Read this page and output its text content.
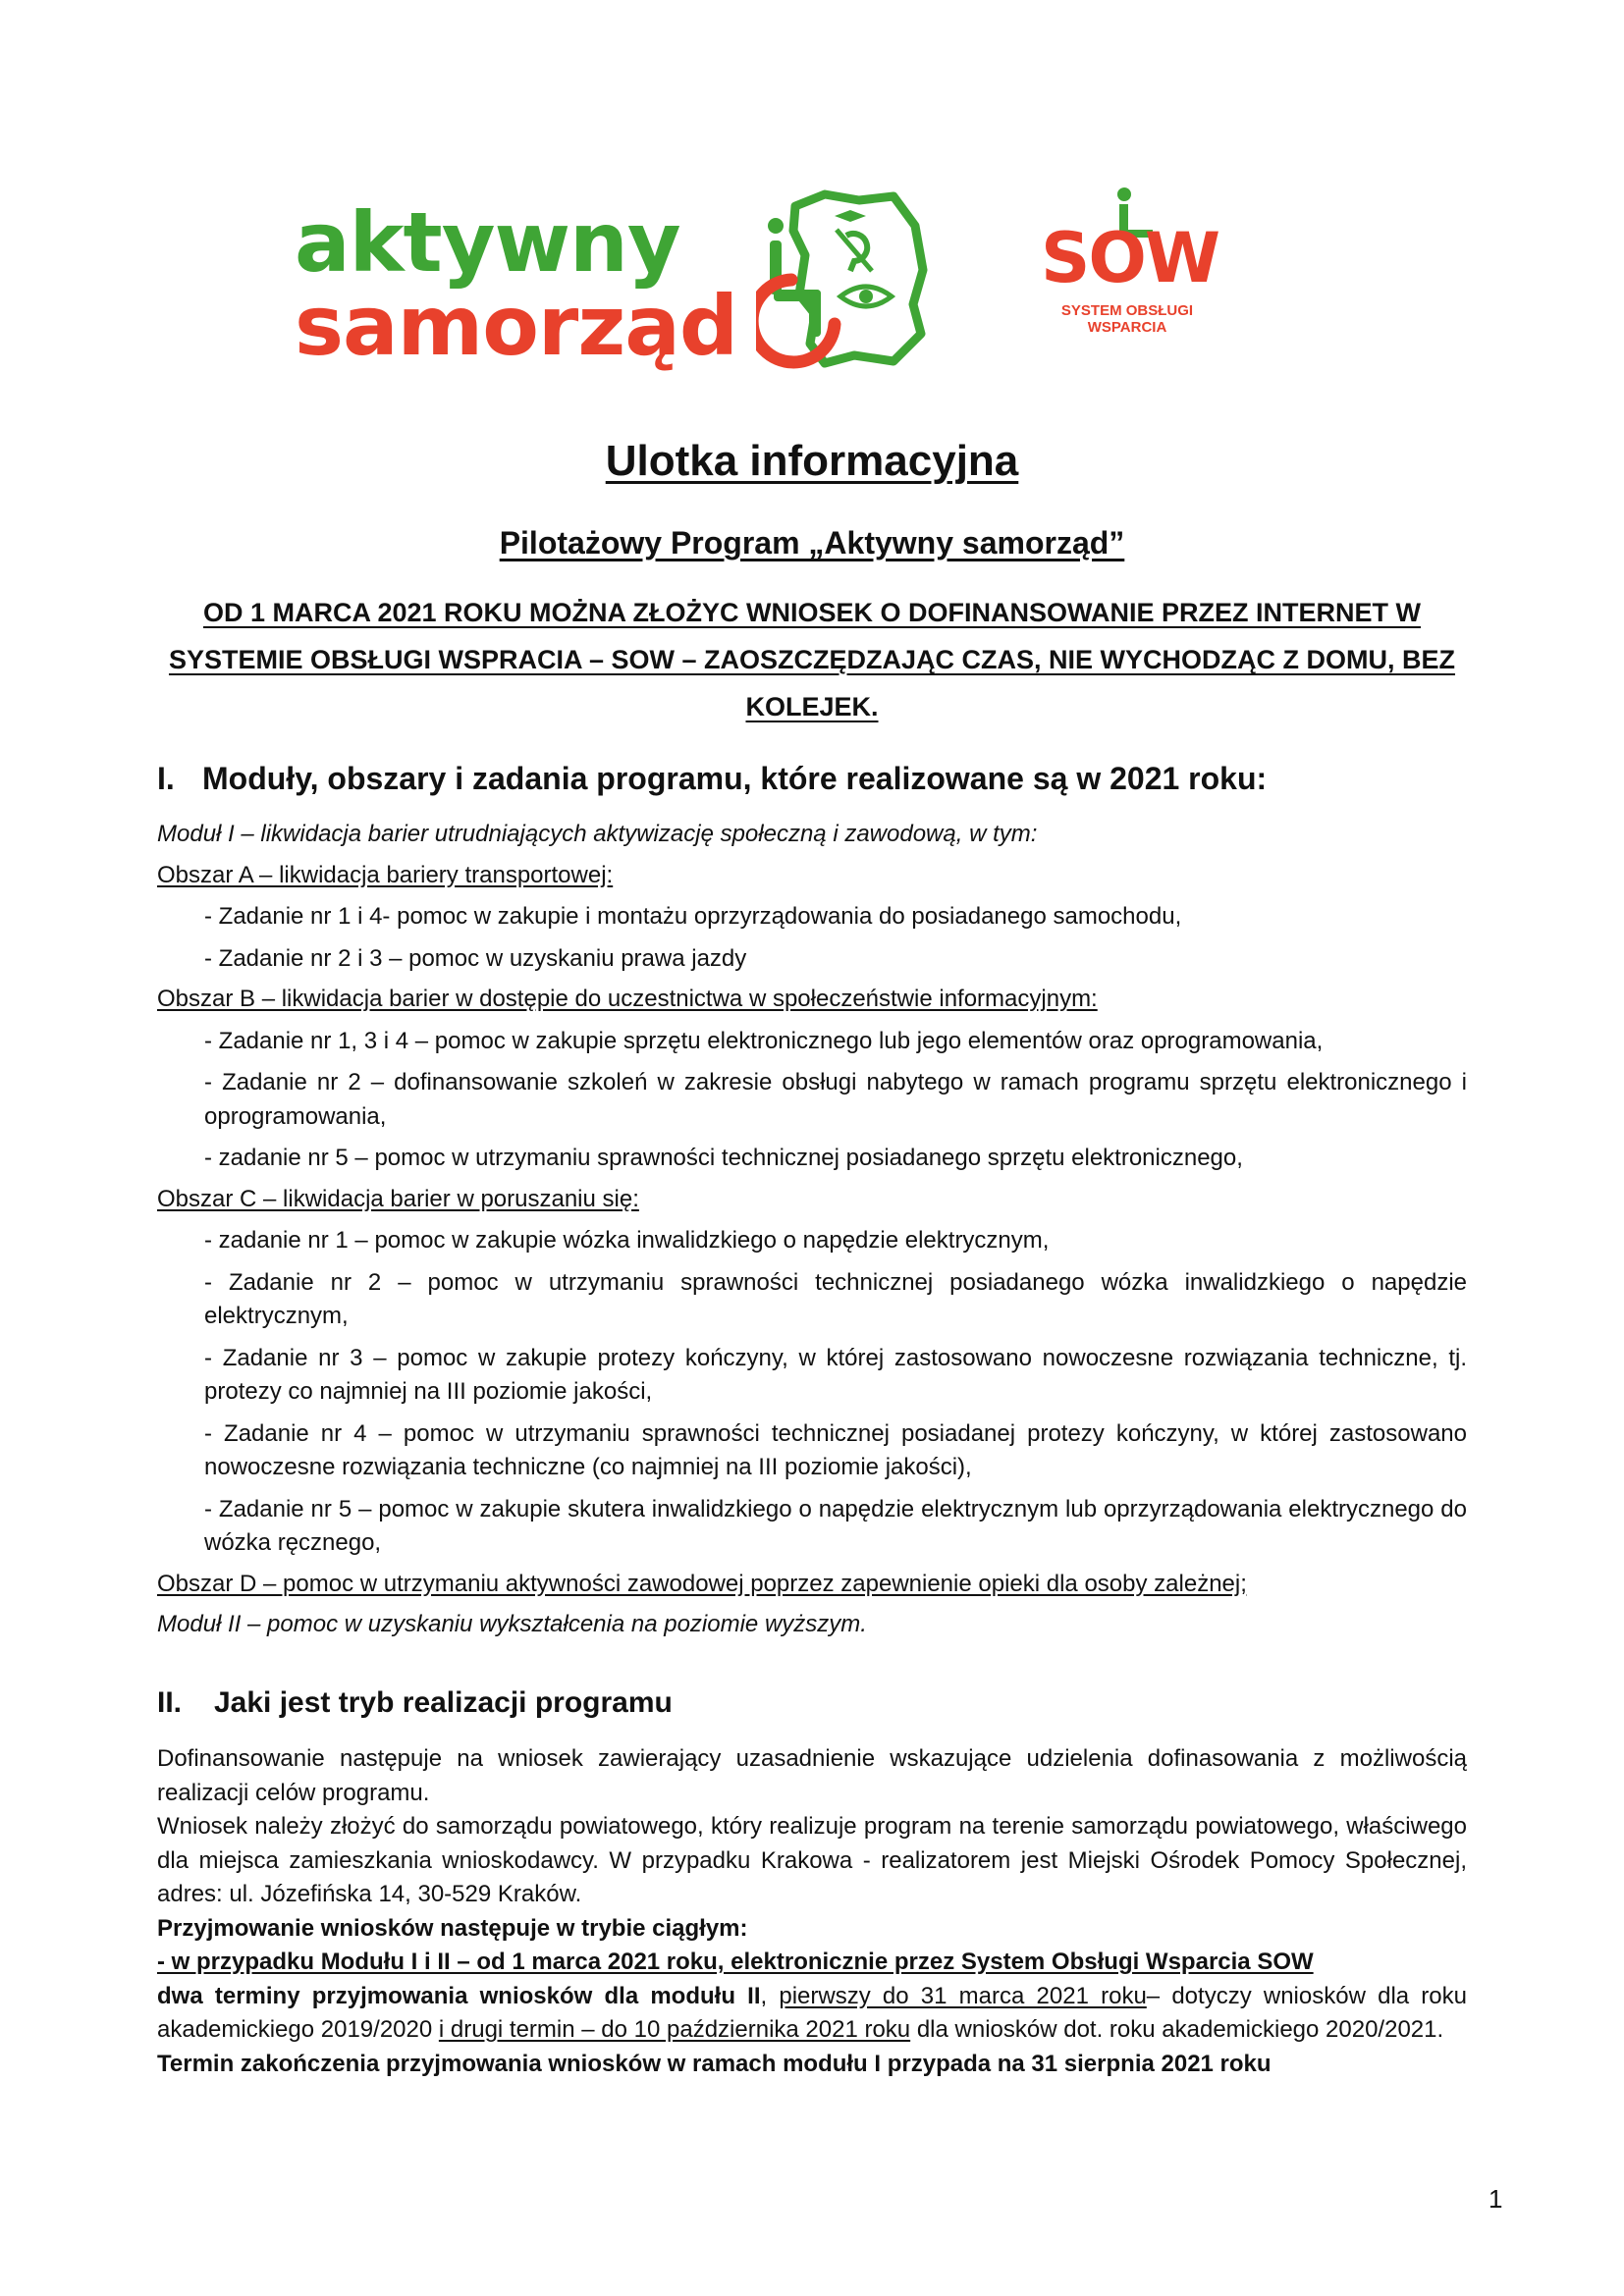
aktywny
samorząd
SOW
SYSTEM OBSŁUGI
WSPARCIA
Ulotka informacyjna
Pilotażowy Program „Aktywny samorząd”
OD 1 MARCA 2021 ROKU MOŻNA ZŁOŻYC WNIOSEK O DOFINANSOWANIE PRZEZ INTERNET W SYSTEMIE OBSŁUGI WSPRACIA – SOW – ZAOSZCZĘDZAJĄC CZAS, NIE WYCHODZĄC Z DOMU, BEZ KOLEJEK.
I. Moduły, obszary i zadania programu, które realizowane są w 2021 roku:

Moduł I – likwidacja barier utrudniających aktywizację społeczną i zawodową, w tym:

Obszar A – likwidacja bariery transportowej:

- Zadanie nr 1 i 4- pomoc w zakupie i montażu oprzyrządowania do posiadanego samochodu,

- Zadanie nr 2 i 3 – pomoc w uzyskaniu prawa jazdy

Obszar B – likwidacja barier w dostępie do uczestnictwa w społeczeństwie informacyjnym:

- Zadanie nr 1, 3 i 4 – pomoc w zakupie sprzętu elektronicznego lub jego elementów oraz oprogramowania,

- Zadanie nr 2 – dofinansowanie szkoleń w zakresie obsługi nabytego w ramach programu sprzętu elektronicznego i oprogramowania,

- zadanie nr 5 – pomoc w utrzymaniu sprawności technicznej posiadanego sprzętu elektronicznego,

Obszar C – likwidacja barier w poruszaniu się:

- zadanie nr 1 – pomoc w zakupie wózka inwalidzkiego o napędzie elektrycznym,

- Zadanie nr 2 – pomoc w utrzymaniu sprawności technicznej posiadanego wózka inwalidzkiego o napędzie elektrycznym,

- Zadanie nr 3 – pomoc w zakupie protezy kończyny, w której zastosowano nowoczesne rozwiązania techniczne, tj. protezy co najmniej na III poziomie jakości,

- Zadanie nr 4 – pomoc w utrzymaniu sprawności technicznej posiadanej protezy kończyny, w której zastosowano nowoczesne rozwiązania techniczne (co najmniej na III poziomie jakości),

- Zadanie nr 5 – pomoc w zakupie skutera inwalidzkiego o napędzie elektrycznym lub oprzyrządowania elektrycznego do wózka ręcznego,

Obszar D – pomoc w utrzymaniu aktywności zawodowej poprzez zapewnienie opieki dla osoby zależnej;

Moduł II – pomoc w uzyskaniu wykształcenia na poziomie wyższym.

II. Jaki jest tryb realizacji programu

Dofinansowanie następuje na wniosek zawierający uzasadnienie wskazujące udzielenia dofinasowania z możliwością realizacji celów programu.

Wniosek należy złożyć do samorządu powiatowego, który realizuje program na terenie samorządu powiatowego, właściwego dla miejsca zamieszkania wnioskodawcy. W przypadku Krakowa - realizatorem jest Miejski Ośrodek Pomocy Społecznej, adres: ul. Józefińska 14, 30-529 Kraków.

Przyjmowanie wniosków następuje w trybie ciągłym:

- w przypadku Modułu I i II – od 1 marca 2021 roku, elektronicznie przez System Obsługi Wsparcia SOW

dwa terminy przyjmowania wniosków dla modułu II, pierwszy do 31 marca 2021 roku– dotyczy wniosków dla roku akademickiego 2019/2020 i drugi termin – do 10 października 2021 roku dla wniosków dot. roku akademickiego 2020/2021.

Termin zakończenia przyjmowania wniosków w ramach modułu I przypada na 31 sierpnia 2021 roku

1
